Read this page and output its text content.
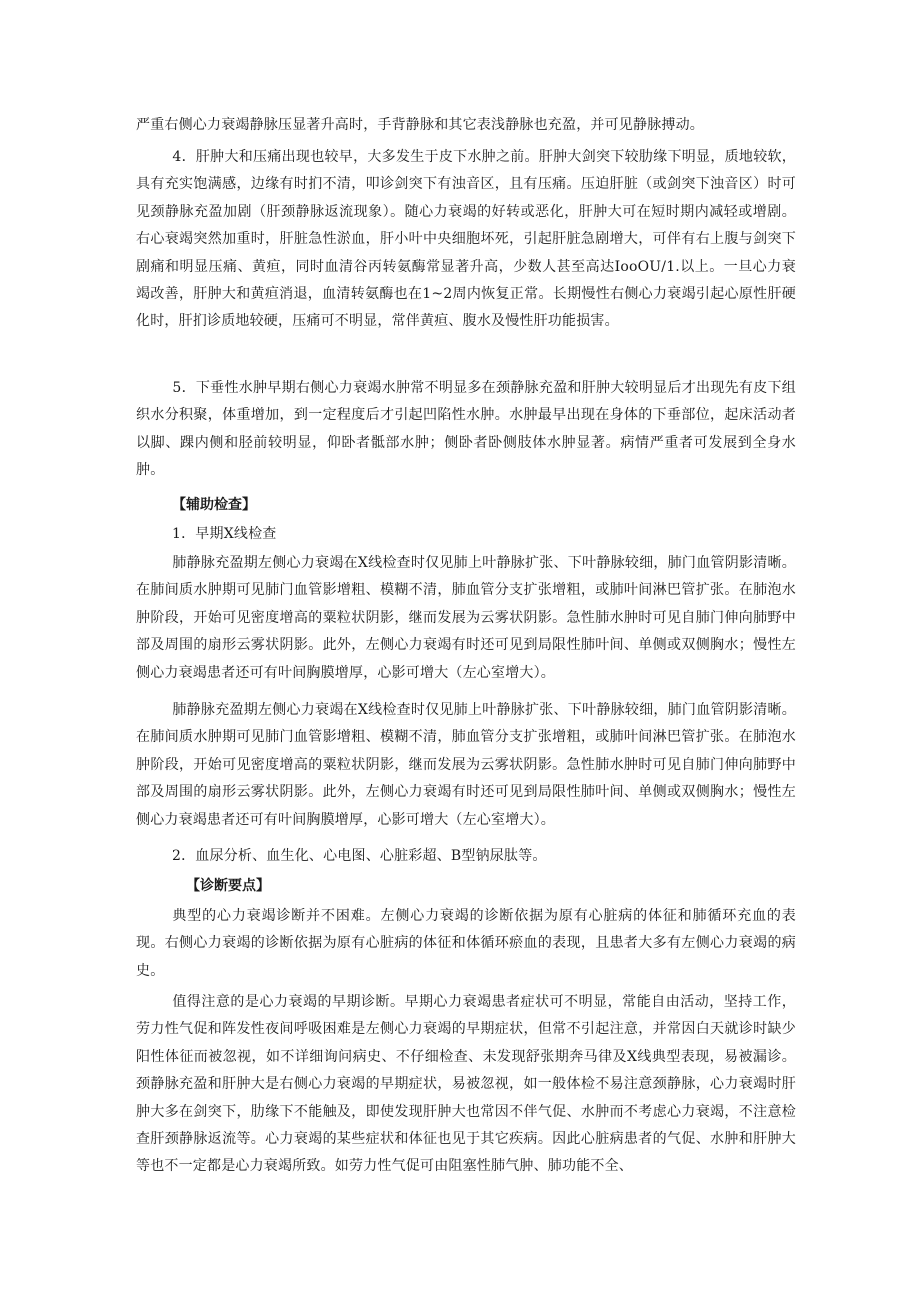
严重右侧心力衰竭静脉压显著升高时，手背静脉和其它表浅静脉也充盈，并可见静脉搏动。

4．肝肿大和压痛出现也较早，大多发生于皮下水肿之前。肝肿大剑突下较肋缘下明显，质地较软，具有充实饱满感，边缘有时扪不清，叩诊剑突下有浊音区，且有压痛。压迫肝脏（或剑突下浊音区）时可见颈静脉充盈加剧（肝颈静脉返流现象）。随心力衰竭的好转或恶化，肝肿大可在短时期内减轻或增剧。右心衰竭突然加重时，肝脏急性淤血，肝小叶中央细胞坏死，引起肝脏急剧增大，可伴有右上腹与剑突下剧痛和明显压痛、黄疸，同时血清谷丙转氨酶常显著升高，少数人甚至高达IooOU/1.以上。一旦心力衰竭改善，肝肿大和黄疸消退，血清转氨酶也在1~2周内恢复正常。长期慢性右侧心力衰竭引起心原性肝硬化时，肝扪诊质地较硬，压痛可不明显，常伴黄疸、腹水及慢性肝功能损害。

5．下垂性水肿早期右侧心力衰竭水肿常不明显多在颈静脉充盈和肝肿大较明显后才出现先有皮下组织水分积聚，体重增加，到一定程度后才引起凹陷性水肿。水肿最早出现在身体的下垂部位，起床活动者以脚、踝内侧和胫前较明显，仰卧者骶部水肿；侧卧者卧侧肢体水肿显著。病情严重者可发展到全身水肿。

【辅助检查】

1．早期X线检查

肺静脉充盈期左侧心力衰竭在X线检查时仅见肺上叶静脉扩张、下叶静脉较细，肺门血管阴影清晰。在肺间质水肿期可见肺门血管影增粗、模糊不清，肺血管分支扩张增粗，或肺叶间淋巴管扩张。在肺泡水肿阶段，开始可见密度增高的粟粒状阴影，继而发展为云雾状阴影。急性肺水肿时可见自肺门伸向肺野中部及周围的扇形云雾状阴影。此外，左侧心力衰竭有时还可见到局限性肺叶间、单侧或双侧胸水；慢性左侧心力衰竭患者还可有叶间胸膜增厚，心影可增大（左心室增大）。

肺静脉充盈期左侧心力衰竭在X线检查时仅见肺上叶静脉扩张、下叶静脉较细，肺门血管阴影清晰。在肺间质水肿期可见肺门血管影增粗、模糊不清，肺血管分支扩张增粗，或肺叶间淋巴管扩张。在肺泡水肿阶段，开始可见密度增高的粟粒状阴影，继而发展为云雾状阴影。急性肺水肿时可见自肺门伸向肺野中部及周围的扇形云雾状阴影。此外，左侧心力衰竭有时还可见到局限性肺叶间、单侧或双侧胸水；慢性左侧心力衰竭患者还可有叶间胸膜增厚，心影可增大（左心室增大）。

2．血尿分析、血生化、心电图、心脏彩超、B型钠尿肽等。

【诊断要点】

典型的心力衰竭诊断并不困难。左侧心力衰竭的诊断依据为原有心脏病的体征和肺循环充血的表现。右侧心力衰竭的诊断依据为原有心脏病的体征和体循环瘀血的表现，且患者大多有左侧心力衰竭的病史。

值得注意的是心力衰竭的早期诊断。早期心力衰竭患者症状可不明显，常能自由活动，坚持工作，劳力性气促和阵发性夜间呼吸困难是左侧心力衰竭的早期症状，但常不引起注意，并常因白天就诊时缺少阳性体征而被忽视，如不详细询问病史、不仔细检查、未发现舒张期奔马律及X线典型表现，易被漏诊。颈静脉充盈和肝肿大是右侧心力衰竭的早期症状，易被忽视，如一般体检不易注意颈静脉，心力衰竭时肝肿大多在剑突下，肋缘下不能触及，即使发现肝肿大也常因不伴气促、水肿而不考虑心力衰竭，不注意检查肝颈静脉返流等。心力衰竭的某些症状和体征也见于其它疾病。因此心脏病患者的气促、水肿和肝肿大等也不一定都是心力衰竭所致。如劳力性气促可由阻塞性肺气肿、肺功能不全、
